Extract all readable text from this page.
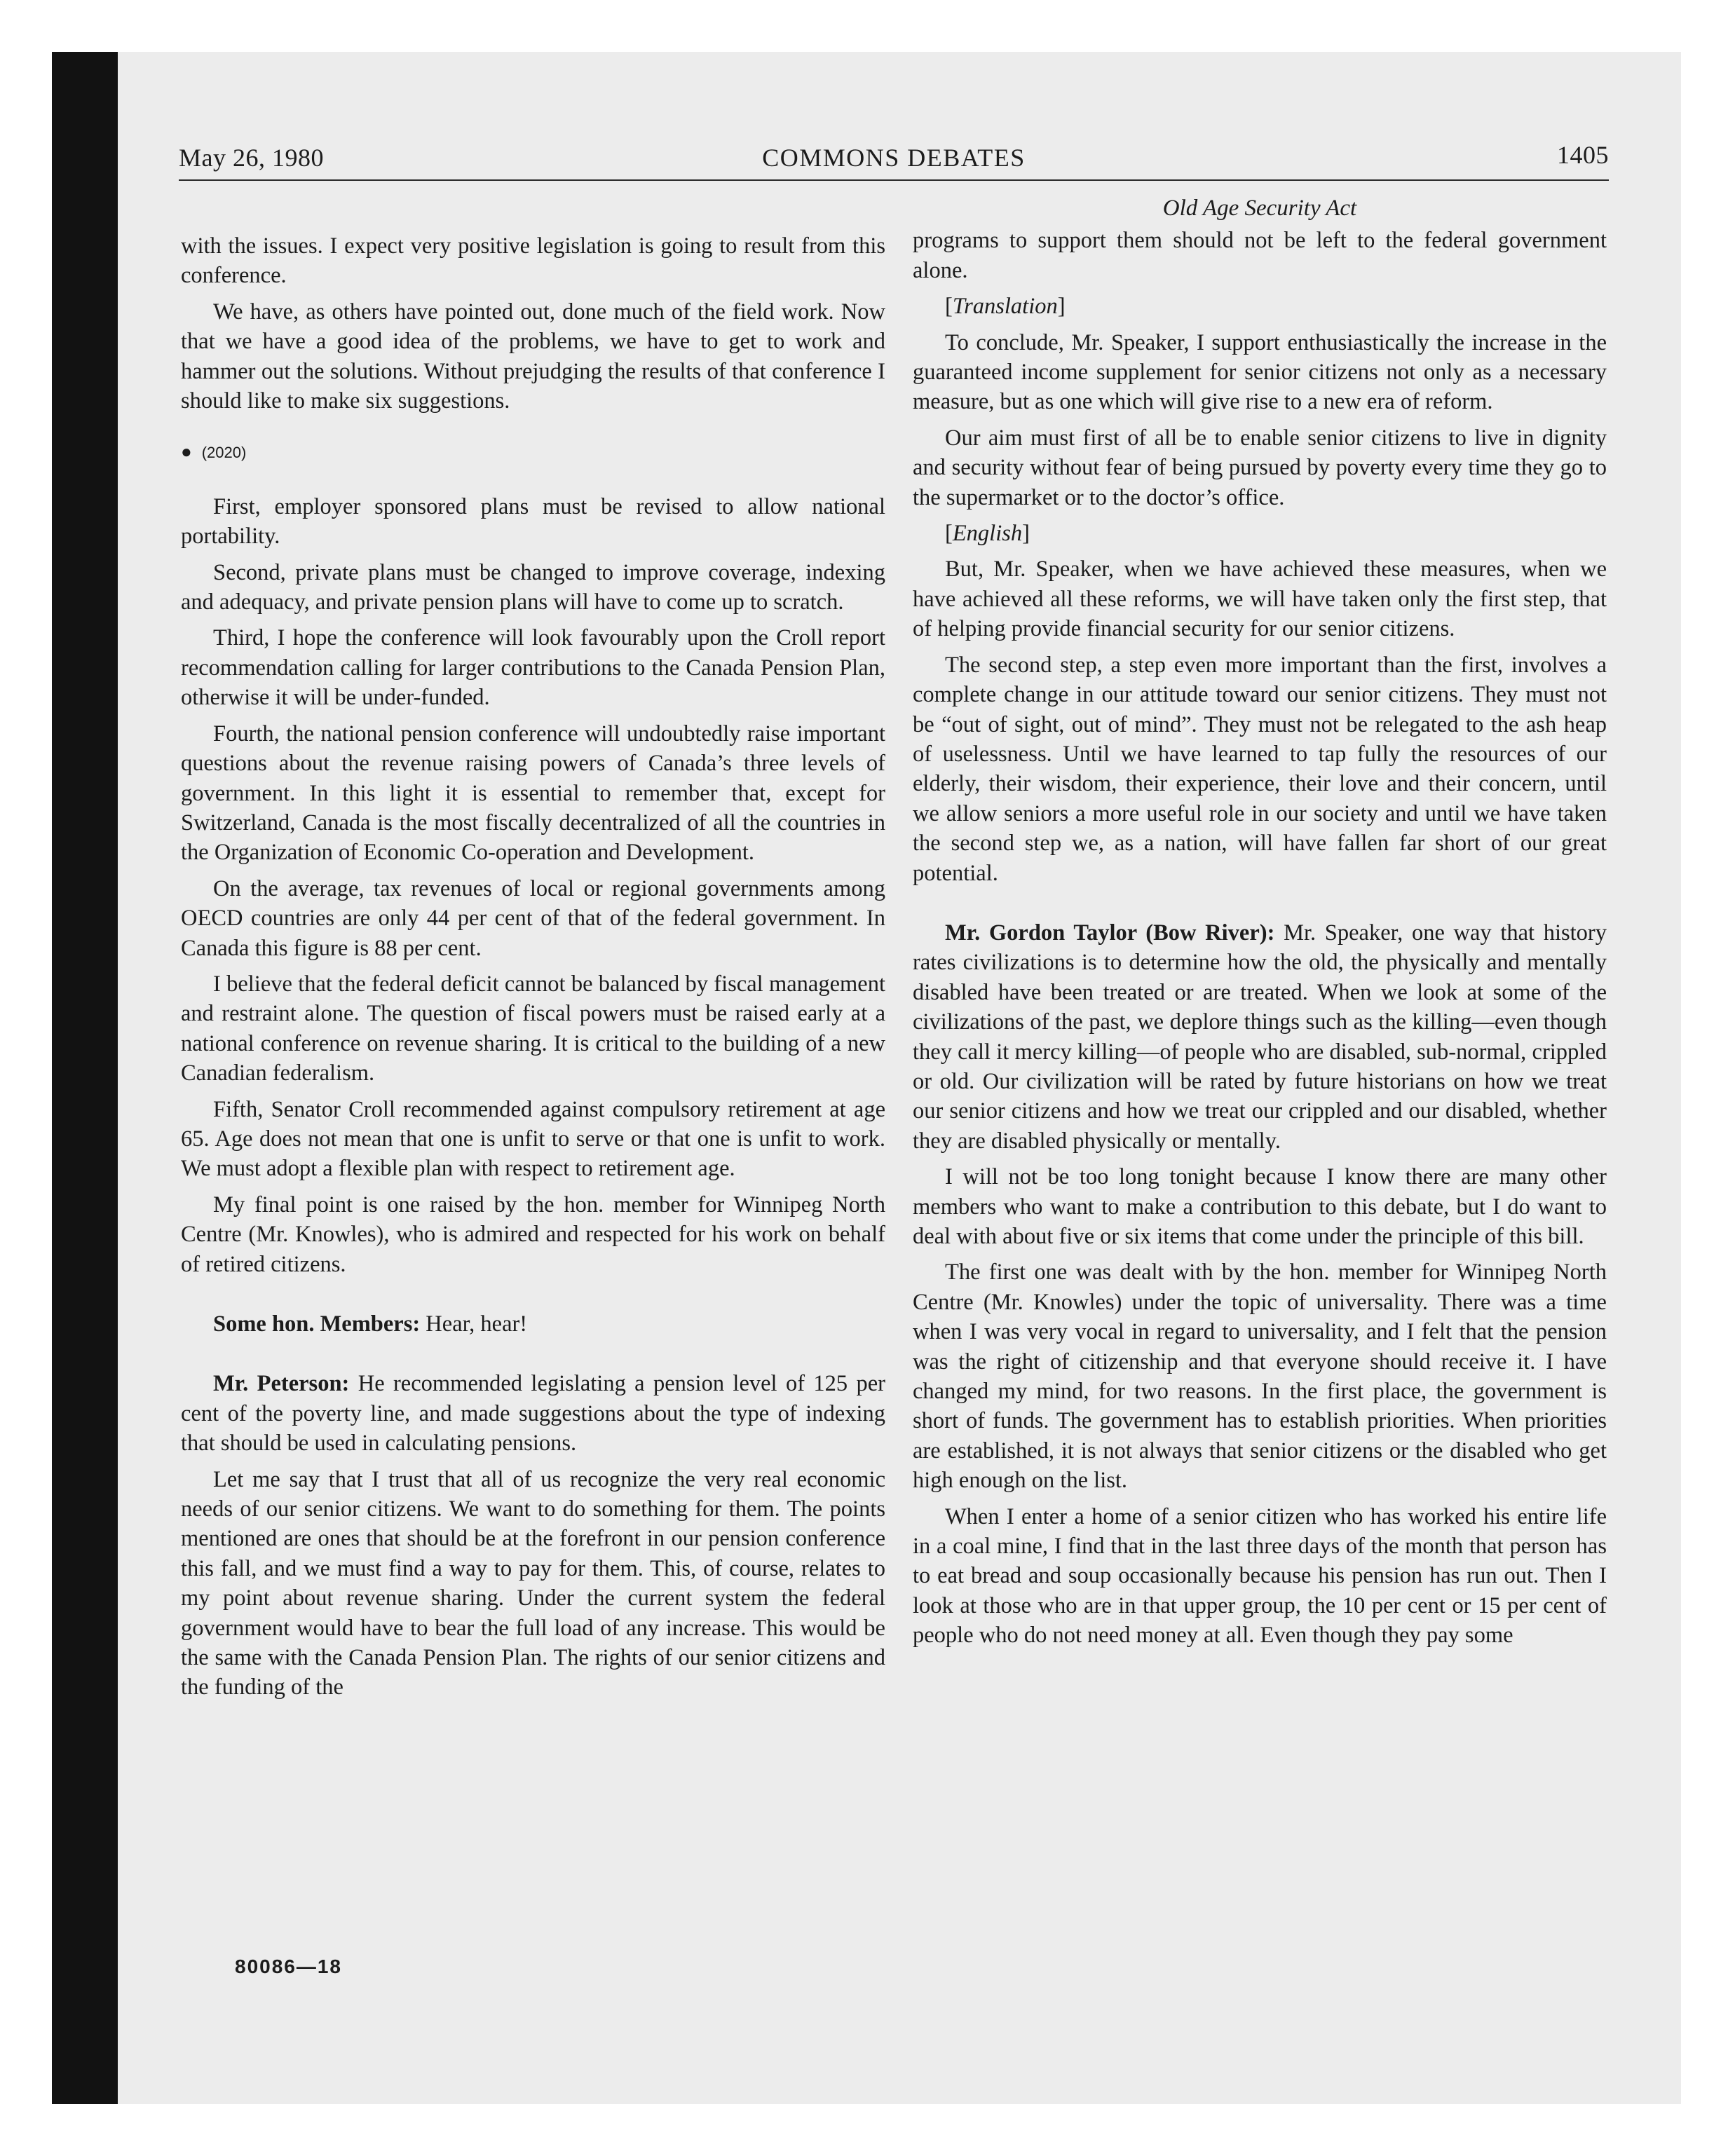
May 26, 1980	COMMONS DEBATES	1405

with the issues. I expect very positive legislation is going to result from this conference.

We have, as others have pointed out, done much of the field work. Now that we have a good idea of the problems, we have to get to work and hammer out the solutions. Without prejudging the results of that conference I should like to make six suggestions.

● (2020)

First, employer sponsored plans must be revised to allow national portability.

Second, private plans must be changed to improve coverage, indexing and adequacy, and private pension plans will have to come up to scratch.

Third, I hope the conference will look favourably upon the Croll report recommendation calling for larger contributions to the Canada Pension Plan, otherwise it will be under-funded.

Fourth, the national pension conference will undoubtedly raise important questions about the revenue raising powers of Canada’s three levels of government. In this light it is essential to remember that, except for Switzerland, Canada is the most fiscally decentralized of all the countries in the Organization of Economic Co-operation and Development.

On the average, tax revenues of local or regional governments among OECD countries are only 44 per cent of that of the federal government. In Canada this figure is 88 per cent.

I believe that the federal deficit cannot be balanced by fiscal management and restraint alone. The question of fiscal powers must be raised early at a national conference on revenue sharing. It is critical to the building of a new Canadian federalism.

Fifth, Senator Croll recommended against compulsory retirement at age 65. Age does not mean that one is unfit to serve or that one is unfit to work. We must adopt a flexible plan with respect to retirement age.

My final point is one raised by the hon. member for Winnipeg North Centre (Mr. Knowles), who is admired and respected for his work on behalf of retired citizens.

Some hon. Members: Hear, hear!

Mr. Peterson: He recommended legislating a pension level of 125 per cent of the poverty line, and made suggestions about the type of indexing that should be used in calculating pensions.

Let me say that I trust that all of us recognize the very real economic needs of our senior citizens. We want to do something for them. The points mentioned are ones that should be at the forefront in our pension conference this fall, and we must find a way to pay for them. This, of course, relates to my point about revenue sharing. Under the current system the federal government would have to bear the full load of any increase. This would be the same with the Canada Pension Plan. The rights of our senior citizens and the funding of the

Old Age Security Act

programs to support them should not be left to the federal government alone.

[Translation]

To conclude, Mr. Speaker, I support enthusiastically the increase in the guaranteed income supplement for senior citizens not only as a necessary measure, but as one which will give rise to a new era of reform.

Our aim must first of all be to enable senior citizens to live in dignity and security without fear of being pursued by poverty every time they go to the supermarket or to the doctor’s office.

[English]

But, Mr. Speaker, when we have achieved these measures, when we have achieved all these reforms, we will have taken only the first step, that of helping provide financial security for our senior citizens.

The second step, a step even more important than the first, involves a complete change in our attitude toward our senior citizens. They must not be “out of sight, out of mind”. They must not be relegated to the ash heap of uselessness. Until we have learned to tap fully the resources of our elderly, their wisdom, their experience, their love and their concern, until we allow seniors a more useful role in our society and until we have taken the second step we, as a nation, will have fallen far short of our great potential.

Mr. Gordon Taylor (Bow River): Mr. Speaker, one way that history rates civilizations is to determine how the old, the physically and mentally disabled have been treated or are treated. When we look at some of the civilizations of the past, we deplore things such as the killing—even though they call it mercy killing—of people who are disabled, sub-normal, crippled or old. Our civilization will be rated by future historians on how we treat our senior citizens and how we treat our crippled and our disabled, whether they are disabled physically or mentally.

I will not be too long tonight because I know there are many other members who want to make a contribution to this debate, but I do want to deal with about five or six items that come under the principle of this bill.

The first one was dealt with by the hon. member for Winnipeg North Centre (Mr. Knowles) under the topic of universality. There was a time when I was very vocal in regard to universality, and I felt that the pension was the right of citizenship and that everyone should receive it. I have changed my mind, for two reasons. In the first place, the government is short of funds. The government has to establish priorities. When priorities are established, it is not always that senior citizens or the disabled who get high enough on the list.

When I enter a home of a senior citizen who has worked his entire life in a coal mine, I find that in the last three days of the month that person has to eat bread and soup occasionally because his pension has run out. Then I look at those who are in that upper group, the 10 per cent or 15 per cent of people who do not need money at all. Even though they pay some

80086—18
